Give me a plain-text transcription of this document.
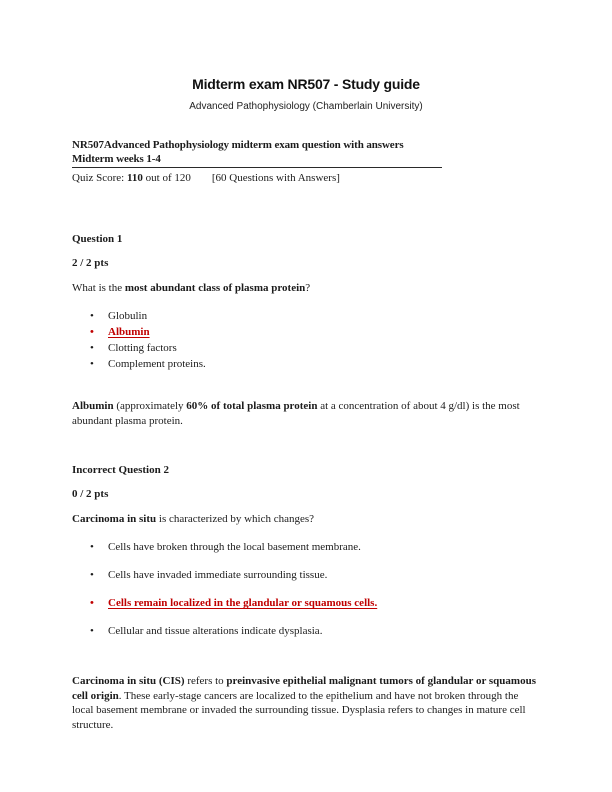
Midterm exam NR507 - Study guide

Advanced Pathophysiology (Chamberlain University)

NR507Advanced Pathophysiology midterm exam question with answers
Midterm weeks 1-4

Quiz Score: 110 out of 120 [60 Questions with Answers]

Question 1
2 / 2 pts

What is the most abundant class of plasma protein?

• Globulin
• Albumin
• Clotting factors
• Complement proteins.

Albumin (approximately 60% of total plasma protein at a concentration of about 4 g/dl) is the most abundant plasma protein.

Incorrect Question 2
0 / 2 pts

Carcinoma in situ is characterized by which changes?

• Cells have broken through the local basement membrane.
• Cells have invaded immediate surrounding tissue.
• Cells remain localized in the glandular or squamous cells.
• Cellular and tissue alterations indicate dysplasia.

Carcinoma in situ (CIS) refers to preinvasive epithelial malignant tumors of glandular or squamous cell origin. These early-stage cancers are localized to the epithelium and have not broken through the local basement membrane or invaded the surrounding tissue. Dysplasia refers to changes in mature cell structure.
